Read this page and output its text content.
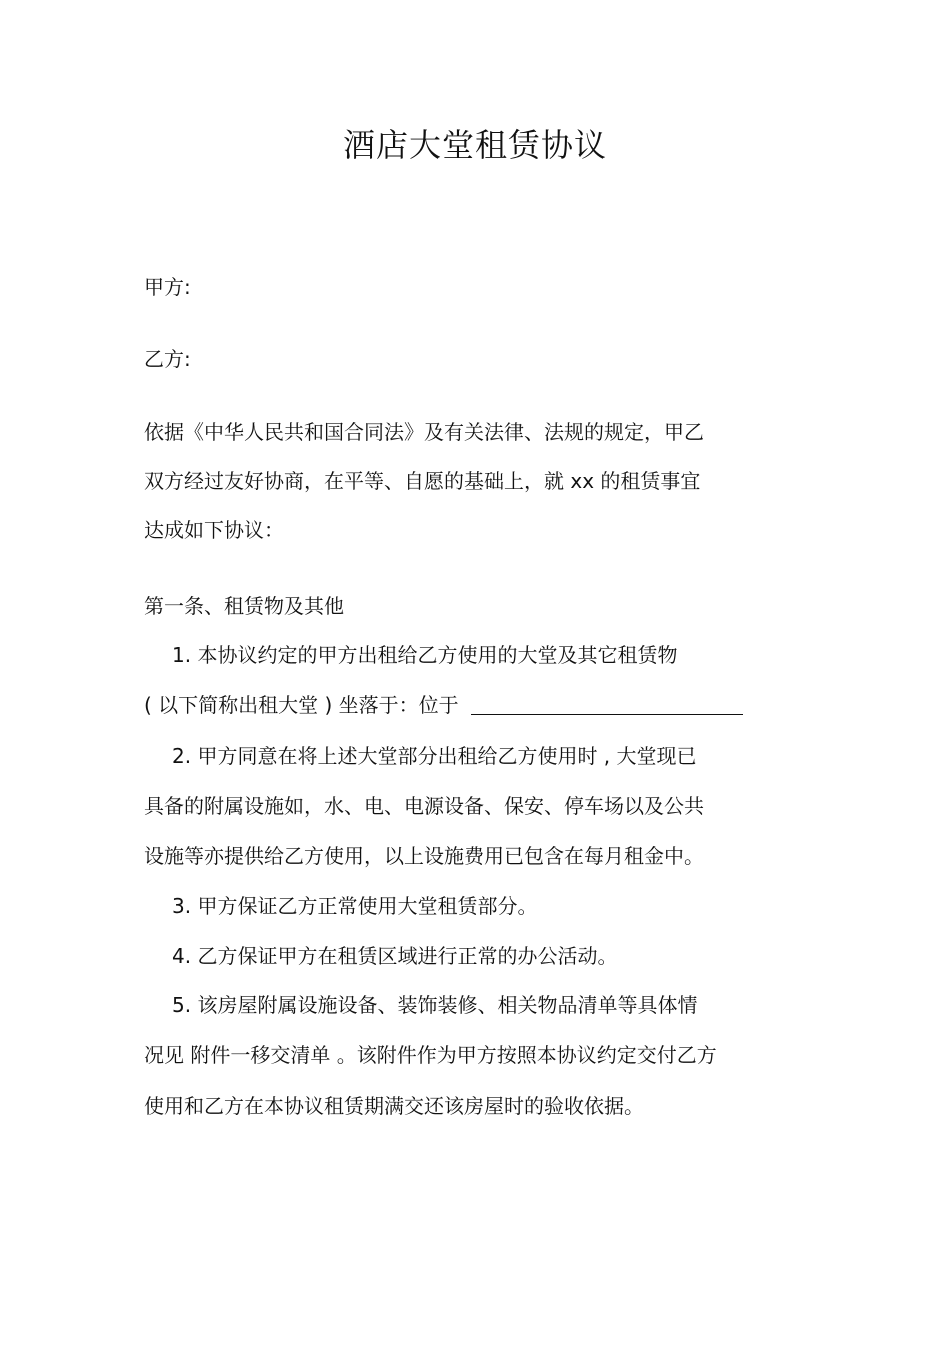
酒店大堂租赁协议
甲方:
乙方:
依据《中华人民共和国合同法》及有关法律、法规的规定，甲乙
双方经过友好协商，在平等、自愿的基础上，就 xx 的租赁事宜
达成如下协议：
第一条、租赁物及其他
1. 本协议约定的甲方出租给乙方使用的大堂及其它租赁物
( 以下简称出租大堂 ) 坐落于：位于
2. 甲方同意在将上述大堂部分出租给乙方使用时 , 大堂现已
具备的附属设施如，水、电、电源设备、保安、停车场以及公共
设施等亦提供给乙方使用，以上设施费用已包含在每月租金中。
3. 甲方保证乙方正常使用大堂租赁部分。
4. 乙方保证甲方在租赁区域进行正常的办公活动。
5. 该房屋附属设施设备、装饰装修、相关物品清单等具体情
况见 附件一移交清单 。该附件作为甲方按照本协议约定交付乙方
使用和乙方在本协议租赁期满交还该房屋时的验收依据。
